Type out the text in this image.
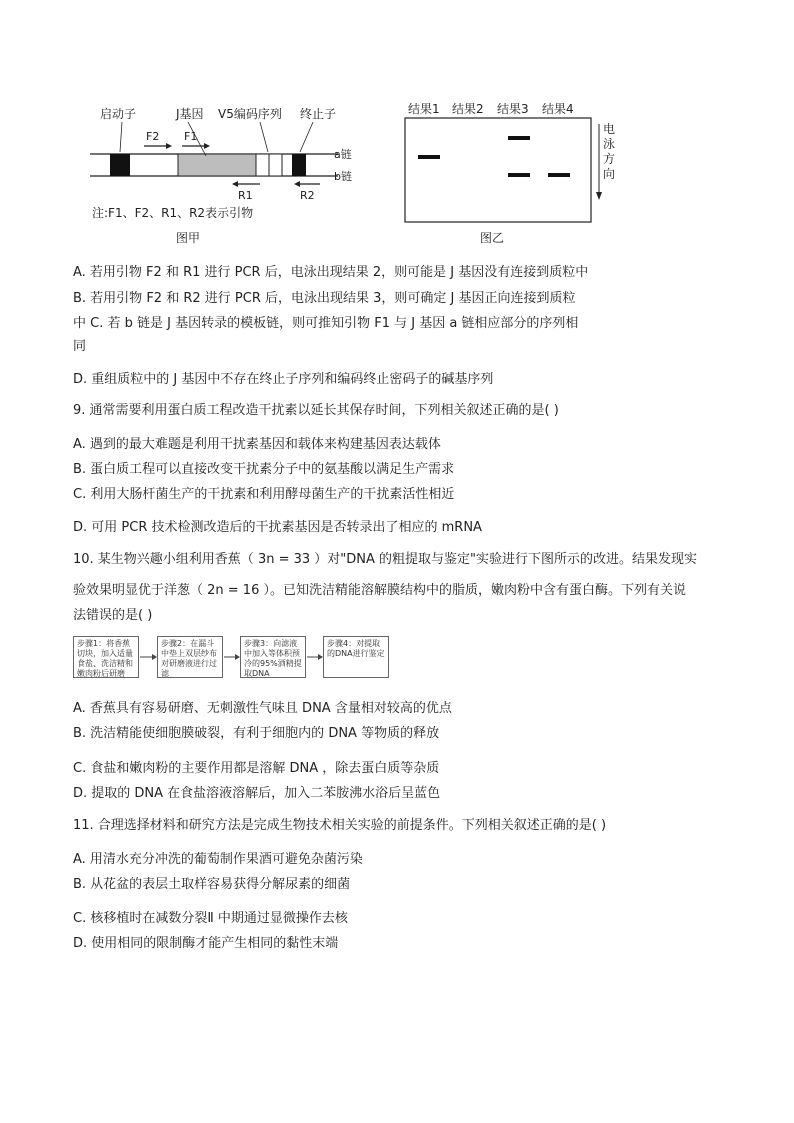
启动子	J基因 V5编码序列 终止子
F2 F1
R1	R2
a链
b链
注:F1、F2、R1、R2表示引物
图甲
结果1 结果2 结果3 结果4
电
泳
方
向
图乙
A. 若用引物 F2 和 R1 进行 PCR 后，电泳出现结果 2，则可能是 J 基因没有连接到质粒中
B. 若用引物 F2 和 R2 进行 PCR 后，电泳出现结果 3，则可确定 J 基因正向连接到质粒
中 C. 若 b 链是 J 基因转录的模板链，则可推知引物 F1 与 J 基因 a 链相应部分的序列相
同
D. 重组质粒中的 J 基因中不存在终止子序列和编码终止密码子的碱基序列
9. 通常需要利用蛋白质工程改造干扰素以延长其保存时间，下列相关叙述正确的是( )
A. 遇到的最大难题是利用干扰素基因和载体来构建基因表达载体
B. 蛋白质工程可以直接改变干扰素分子中的氨基酸以满足生产需求
C. 利用大肠杆菌生产的干扰素和利用酵母菌生产的干扰素活性相近
D. 可用 PCR 技术检测改造后的干扰素基因是否转录出了相应的 mRNA
10. 某生物兴趣小组利用香蕉（ 3n = 33 ）对"DNA 的粗提取与鉴定"实验进行下图所示的改进。结果发现实
验效果明显优于洋葱（ 2n = 16 ）。已知洗洁精能溶解膜结构中的脂质，嫩肉粉中含有蛋白酶。下列有关说
法错误的是( )
步骤1：将香蕉切块，加入适量食盐、洗洁精和嫩肉粉后研磨
步骤2：在漏斗中垫上双层纱布对研磨液进行过滤
步骤3：向滤液中加入等体积预冷的95%酒精提取DNA
步骤4：对提取的DNA进行鉴定
A. 香蕉具有容易研磨、无刺激性气味且 DNA 含量相对较高的优点
B. 洗洁精能使细胞膜破裂，有利于细胞内的 DNA 等物质的释放
C. 食盐和嫩肉粉的主要作用都是溶解 DNA ，除去蛋白质等杂质
D. 提取的 DNA 在食盐溶液溶解后，加入二苯胺沸水浴后呈蓝色
11. 合理选择材料和研究方法是完成生物技术相关实验的前提条件。下列相关叙述正确的是( )
A. 用清水充分冲洗的葡萄制作果酒可避免杂菌污染
B. 从花盆的表层土取样容易获得分解尿素的细菌
C. 核移植时在减数分裂Ⅱ 中期通过显微操作去核
D. 使用相同的限制酶才能产生相同的黏性末端
